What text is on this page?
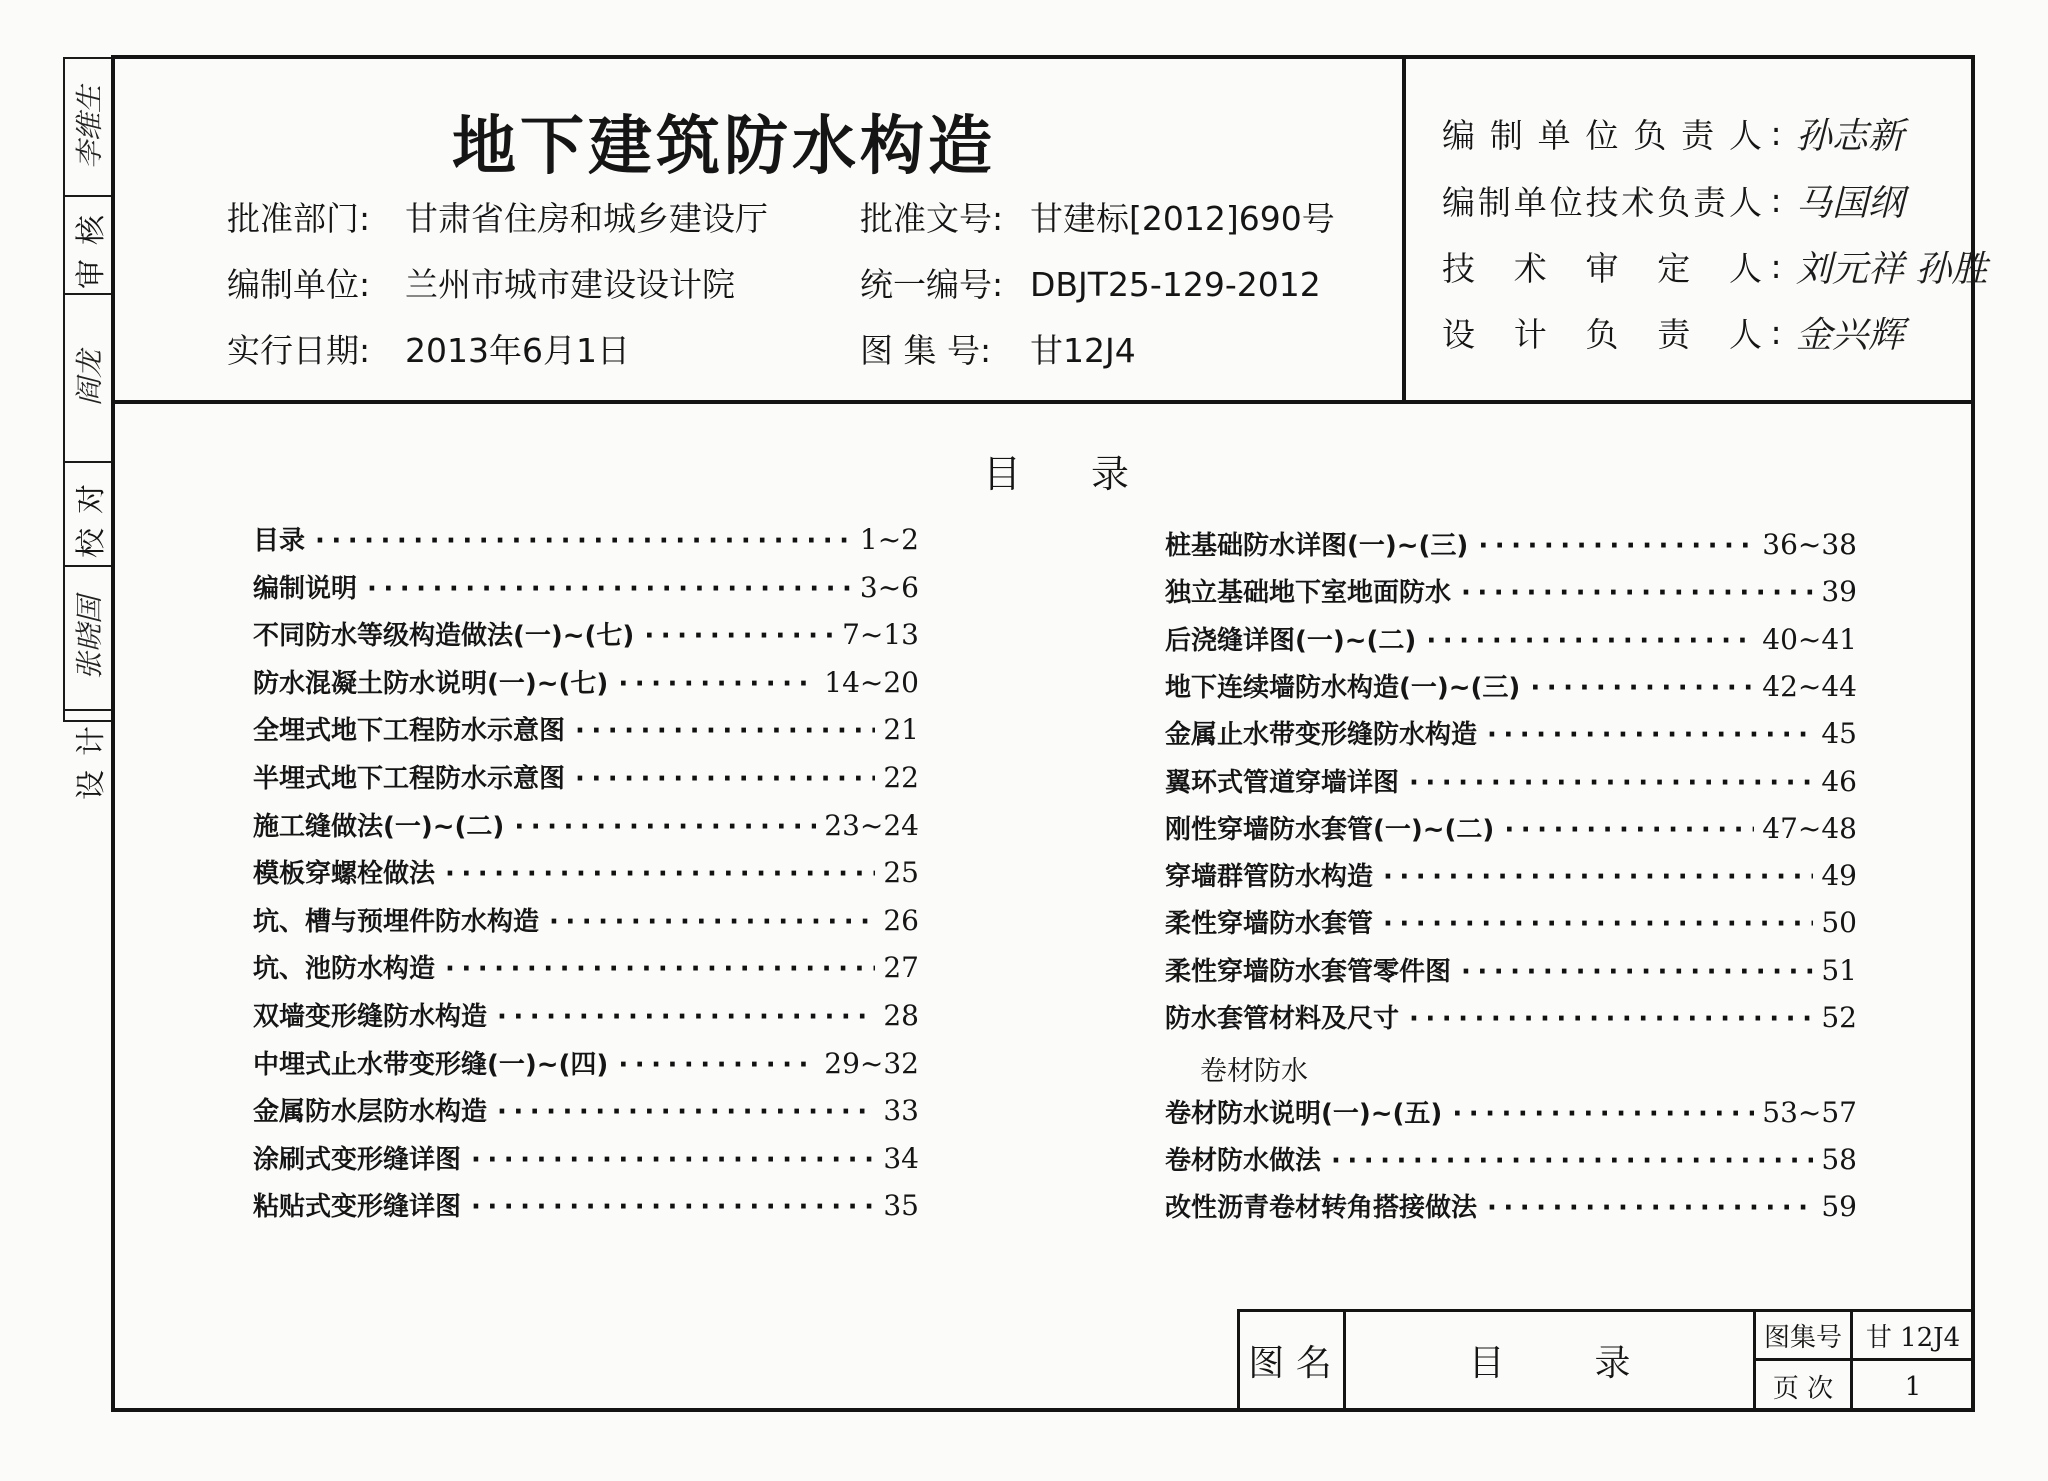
李维生
审核
阎龙
校对
张晓国
设计
地下建筑防水构造
批准部门: 甘肃省住房和城乡建设厅
编制单位: 兰州市城市建设设计院
实行日期: 2013年6月1日
批准文号: 甘建标[2012]690号
统一编号: DBJT25-129-2012
图 集 号: 甘12J4
编制单位负责人 : 孙志新
编制单位技术负责人 : 马国纲
技术审定人 : 刘元祥 孙胜
设计负责人 : 金兴辉
目 录
目录 ·····	1~2
编制说明 ·····	3~6
不同防水等级构造做法(一)~(七) ·····	7~13
防水混凝土防水说明(一)~(七) ·····	14~20
全埋式地下工程防水示意图 ·····	21
半埋式地下工程防水示意图 ·····	22
施工缝做法(一)~(二) ·····	23~24
模板穿螺栓做法 ·····	25
坑、槽与预埋件防水构造 ·····	26
坑、池防水构造 ·····	27
双墙变形缝防水构造 ·····	28
中埋式止水带变形缝(一)~(四) ·····	29~32
金属防水层防水构造 ·····	33
涂刷式变形缝详图 ·····	34
粘贴式变形缝详图 ·····	35
桩基础防水详图(一)~(三) ·····	36~38
独立基础地下室地面防水 ·····	39
后浇缝详图(一)~(二) ·····	40~41
地下连续墙防水构造(一)~(三) ·····	42~44
金属止水带变形缝防水构造 ·····	45
翼环式管道穿墙详图 ·····	46
刚性穿墙防水套管(一)~(二) ·····	47~48
穿墙群管防水构造 ·····	49
柔性穿墙防水套管 ·····	50
柔性穿墙防水套管零件图 ·····	51
防水套管材料及尺寸 ·····	52
卷材防水
卷材防水说明(一)~(五) ·····	53~57
卷材防水做法 ·····	58
改性沥青卷材转角搭接做法 ·····	59
图 名	目	录
图集号 甘 12J4
页 次	1
